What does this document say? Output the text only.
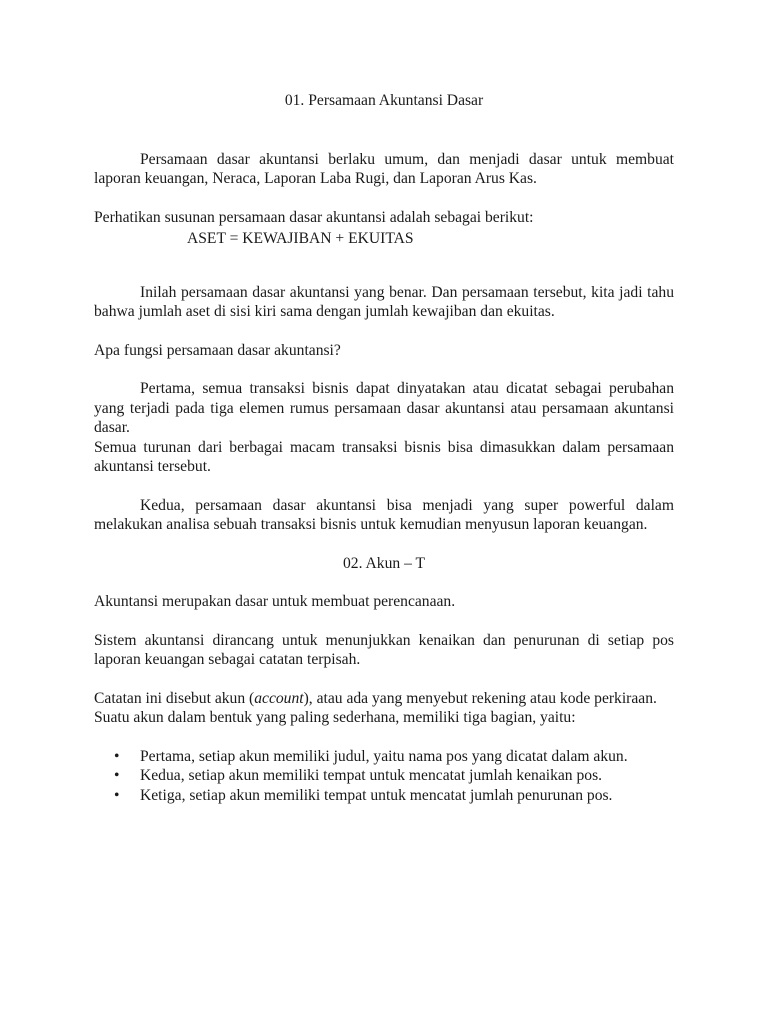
01. Persamaan Akuntansi Dasar

Persamaan dasar akuntansi berlaku umum, dan menjadi dasar untuk membuat laporan keuangan, Neraca, Laporan Laba Rugi, dan Laporan Arus Kas.

Perhatikan susunan persamaan dasar akuntansi adalah sebagai berikut:

ASET = KEWAJIBAN + EKUITAS

Inilah persamaan dasar akuntansi yang benar. Dan persamaan tersebut, kita jadi tahu bahwa jumlah aset di sisi kiri sama dengan jumlah kewajiban dan ekuitas.

Apa fungsi persamaan dasar akuntansi?

Pertama, semua transaksi bisnis dapat dinyatakan atau dicatat sebagai perubahan yang terjadi pada tiga elemen rumus persamaan dasar akuntansi atau persamaan akuntansi dasar.

Semua turunan dari berbagai macam transaksi bisnis bisa dimasukkan dalam persamaan akuntansi tersebut.

Kedua, persamaan dasar akuntansi bisa menjadi yang super powerful dalam melakukan analisa sebuah transaksi bisnis untuk kemudian menyusun laporan keuangan.

02. Akun – T

Akuntansi merupakan dasar untuk membuat perencanaan.

Sistem akuntansi dirancang untuk menunjukkan kenaikan dan penurunan di setiap pos laporan keuangan sebagai catatan terpisah.

Catatan ini disebut akun (account), atau ada yang menyebut rekening atau kode perkiraan.

Suatu akun dalam bentuk yang paling sederhana, memiliki tiga bagian, yaitu:

• Pertama, setiap akun memiliki judul, yaitu nama pos yang dicatat dalam akun.
• Kedua, setiap akun memiliki tempat untuk mencatat jumlah kenaikan pos.
• Ketiga, setiap akun memiliki tempat untuk mencatat jumlah penurunan pos.
